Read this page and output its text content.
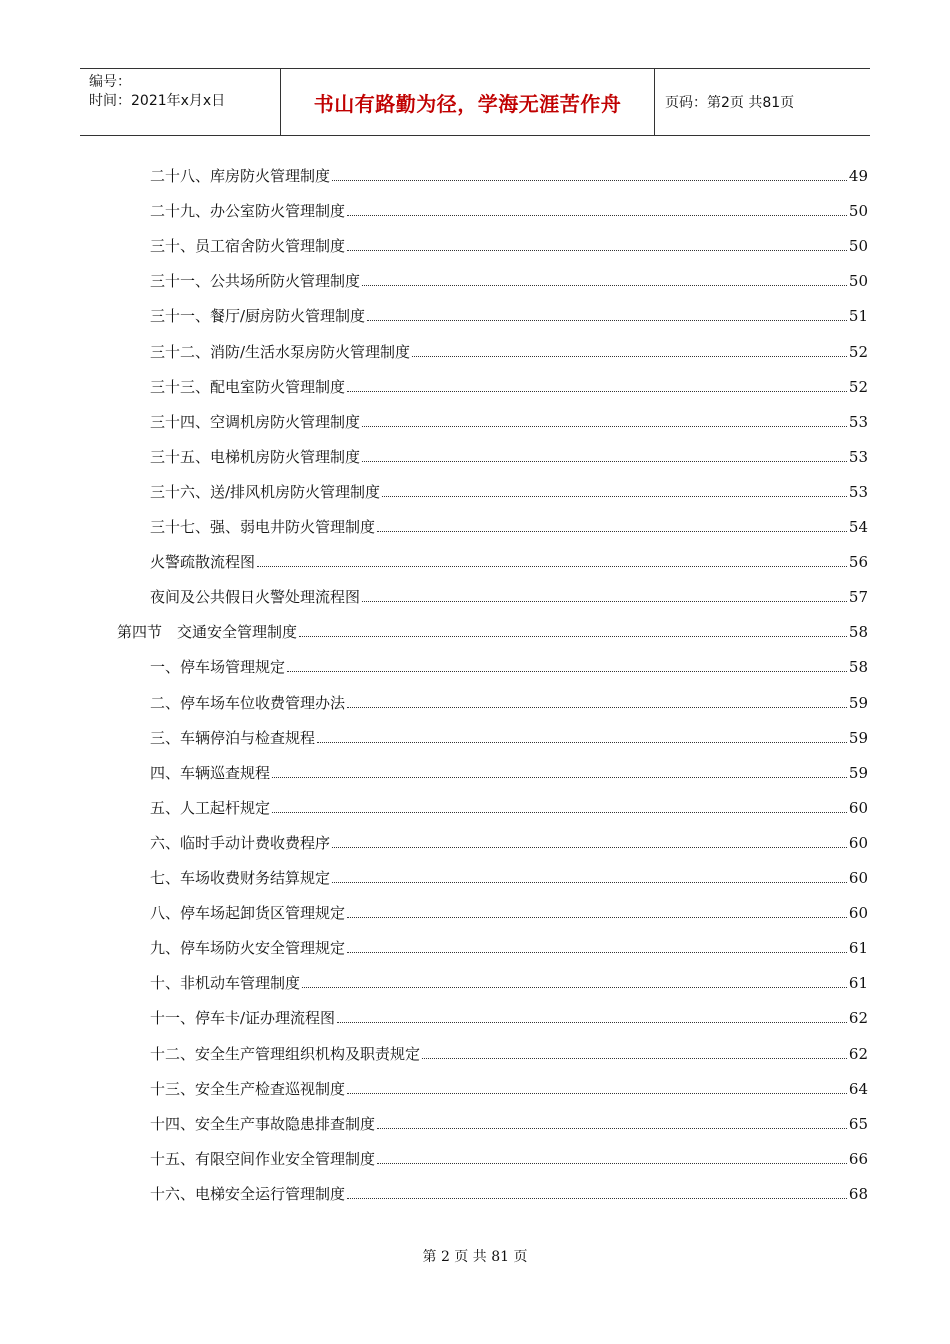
编号：
时间：2021年x月x日	书山有路勤为径，学海无涯苦作舟	页码：第2页 共81页
二十八、库房防火管理制度	49
二十九、办公室防火管理制度	50
三十、员工宿舍防火管理制度	50
三十一、公共场所防火管理制度	50
三十一、餐厅/厨房防火管理制度	51
三十二、消防/生活水泵房防火管理制度	52
三十三、配电室防火管理制度	52
三十四、空调机房防火管理制度	53
三十五、电梯机房防火管理制度	53
三十六、送/排风机房防火管理制度	53
三十七、强、弱电井防火管理制度	54
火警疏散流程图	56
夜间及公共假日火警处理流程图	57
第四节　交通安全管理制度	58
一、停车场管理规定	58
二、停车场车位收费管理办法	59
三、车辆停泊与检查规程	59
四、车辆巡查规程	59
五、人工起杆规定	60
六、临时手动计费收费程序	60
七、车场收费财务结算规定	60
八、停车场起卸货区管理规定	60
九、停车场防火安全管理规定	61
十、非机动车管理制度	61
十一、停车卡/证办理流程图	62
十二、安全生产管理组织机构及职责规定	62
十三、安全生产检查巡视制度	64
十四、安全生产事故隐患排查制度	65
十五、有限空间作业安全管理制度	66
十六、电梯安全运行管理制度	68
第 2 页 共 81 页
